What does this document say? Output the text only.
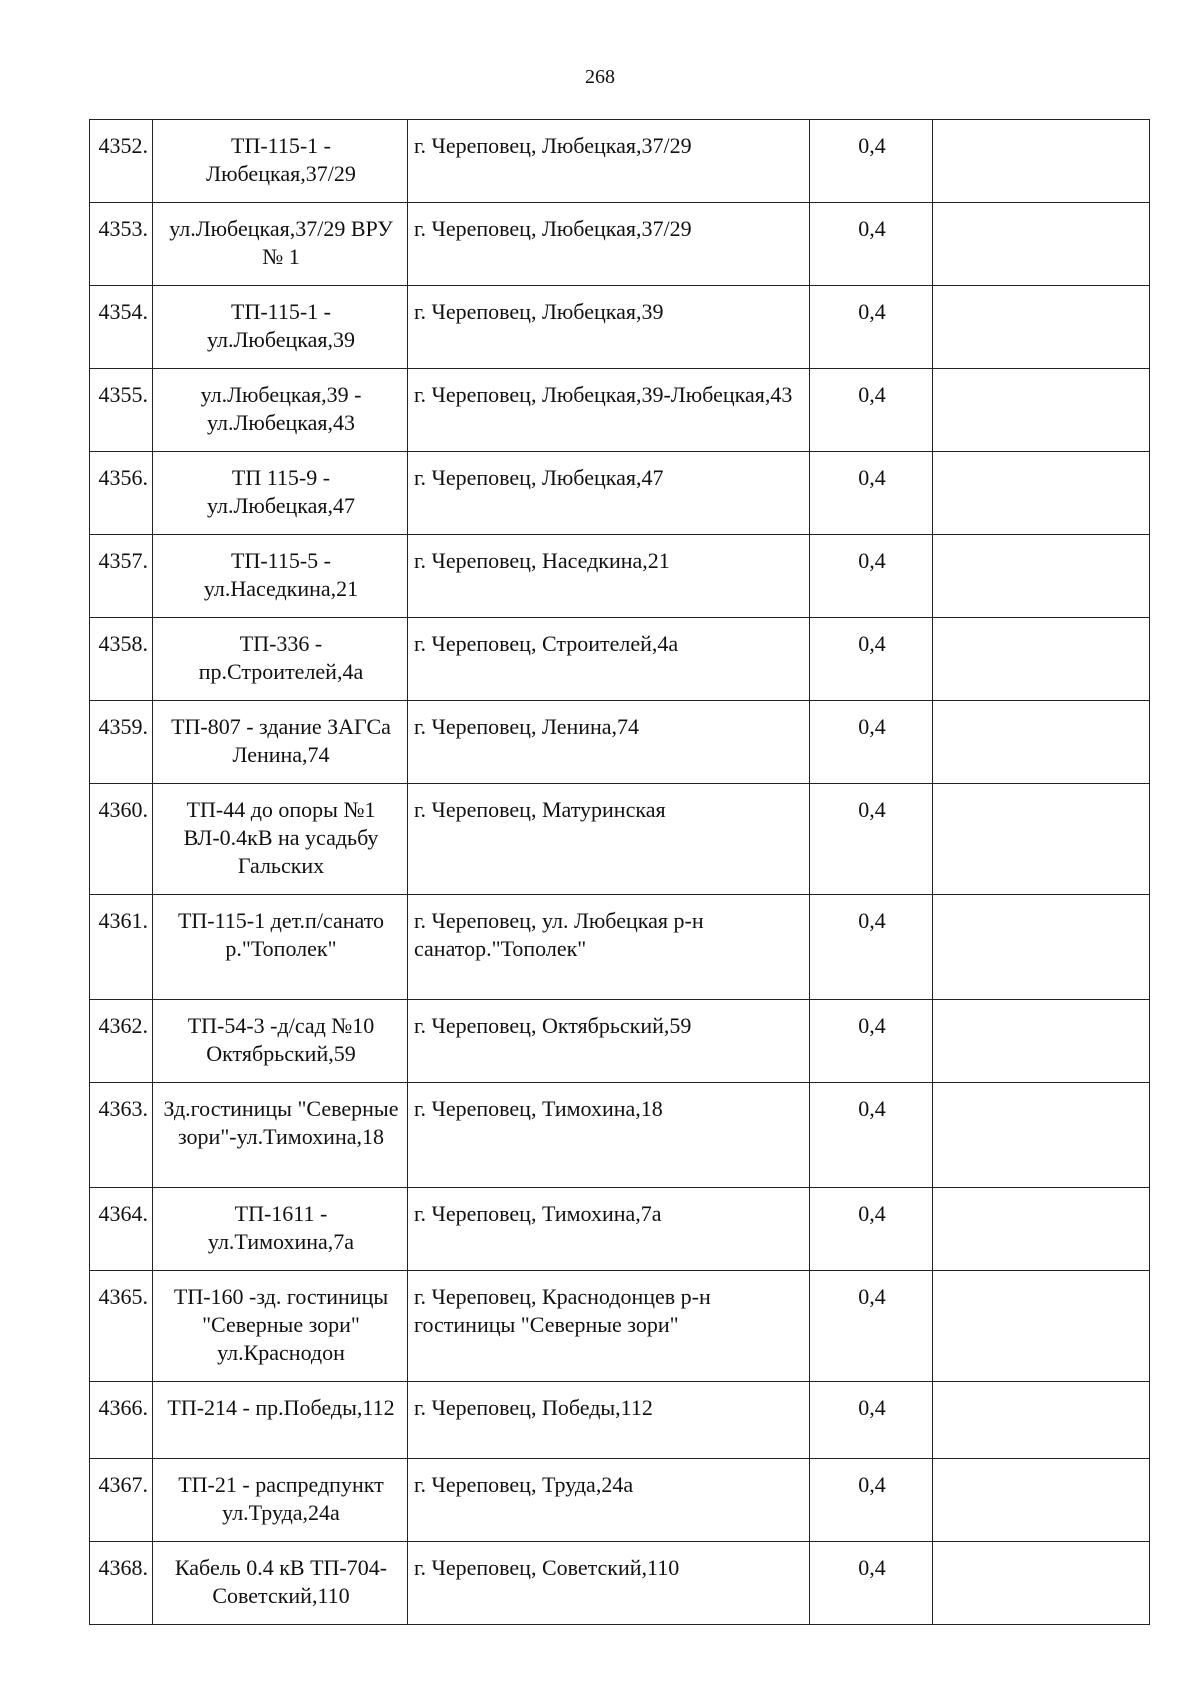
268
4352.	ТП-115-1 - Любецкая,37/29	г. Череповец, Любецкая,37/29	0,4	
4353.	ул.Любецкая,37/29 ВРУ № 1	г. Череповец, Любецкая,37/29	0,4	
4354.	ТП-115-1 - ул.Любецкая,39	г. Череповец, Любецкая,39	0,4	
4355.	ул.Любецкая,39 - ул.Любецкая,43	г. Череповец, Любецкая,39-Любецкая,43	0,4	
4356.	ТП 115-9 - ул.Любецкая,47	г. Череповец, Любецкая,47	0,4	
4357.	ТП-115-5 - ул.Наседкина,21	г. Череповец, Наседкина,21	0,4	
4358.	ТП-336 - пр.Строителей,4а	г. Череповец, Строителей,4а	0,4	
4359.	ТП-807 - здание ЗАГСа Ленина,74	г. Череповец, Ленина,74	0,4	
4360.	ТП-44 до опоры №1 ВЛ-0.4кВ на усадьбу Гальских	г. Череповец, Матуринская	0,4	
4361.	ТП-115-1 дет.п/санатор."Тополек"	г. Череповец, ул. Любецкая р-н санатор."Тополек"	0,4	
4362.	ТП-54-3 -д/сад №10 Октябрьский,59	г. Череповец, Октябрьский,59	0,4	
4363.	Зд.гостиницы "Северные зори"-ул.Тимохина,18	г. Череповец, Тимохина,18	0,4	
4364.	ТП-1611 - ул.Тимохина,7а	г. Череповец, Тимохина,7а	0,4	
4365.	ТП-160 -зд. гостиницы "Северные зори" ул.Краснодон	г. Череповец, Краснодонцев р-н гостиницы "Северные зори"	0,4	
4366.	ТП-214 - пр.Победы,112	г. Череповец, Победы,112	0,4	
4367.	ТП-21 - распредпункт ул.Труда,24а	г. Череповец, Труда,24а	0,4	
4368.	Кабель 0.4 кВ ТП-704-Советский,110	г. Череповец, Советский,110	0,4	
